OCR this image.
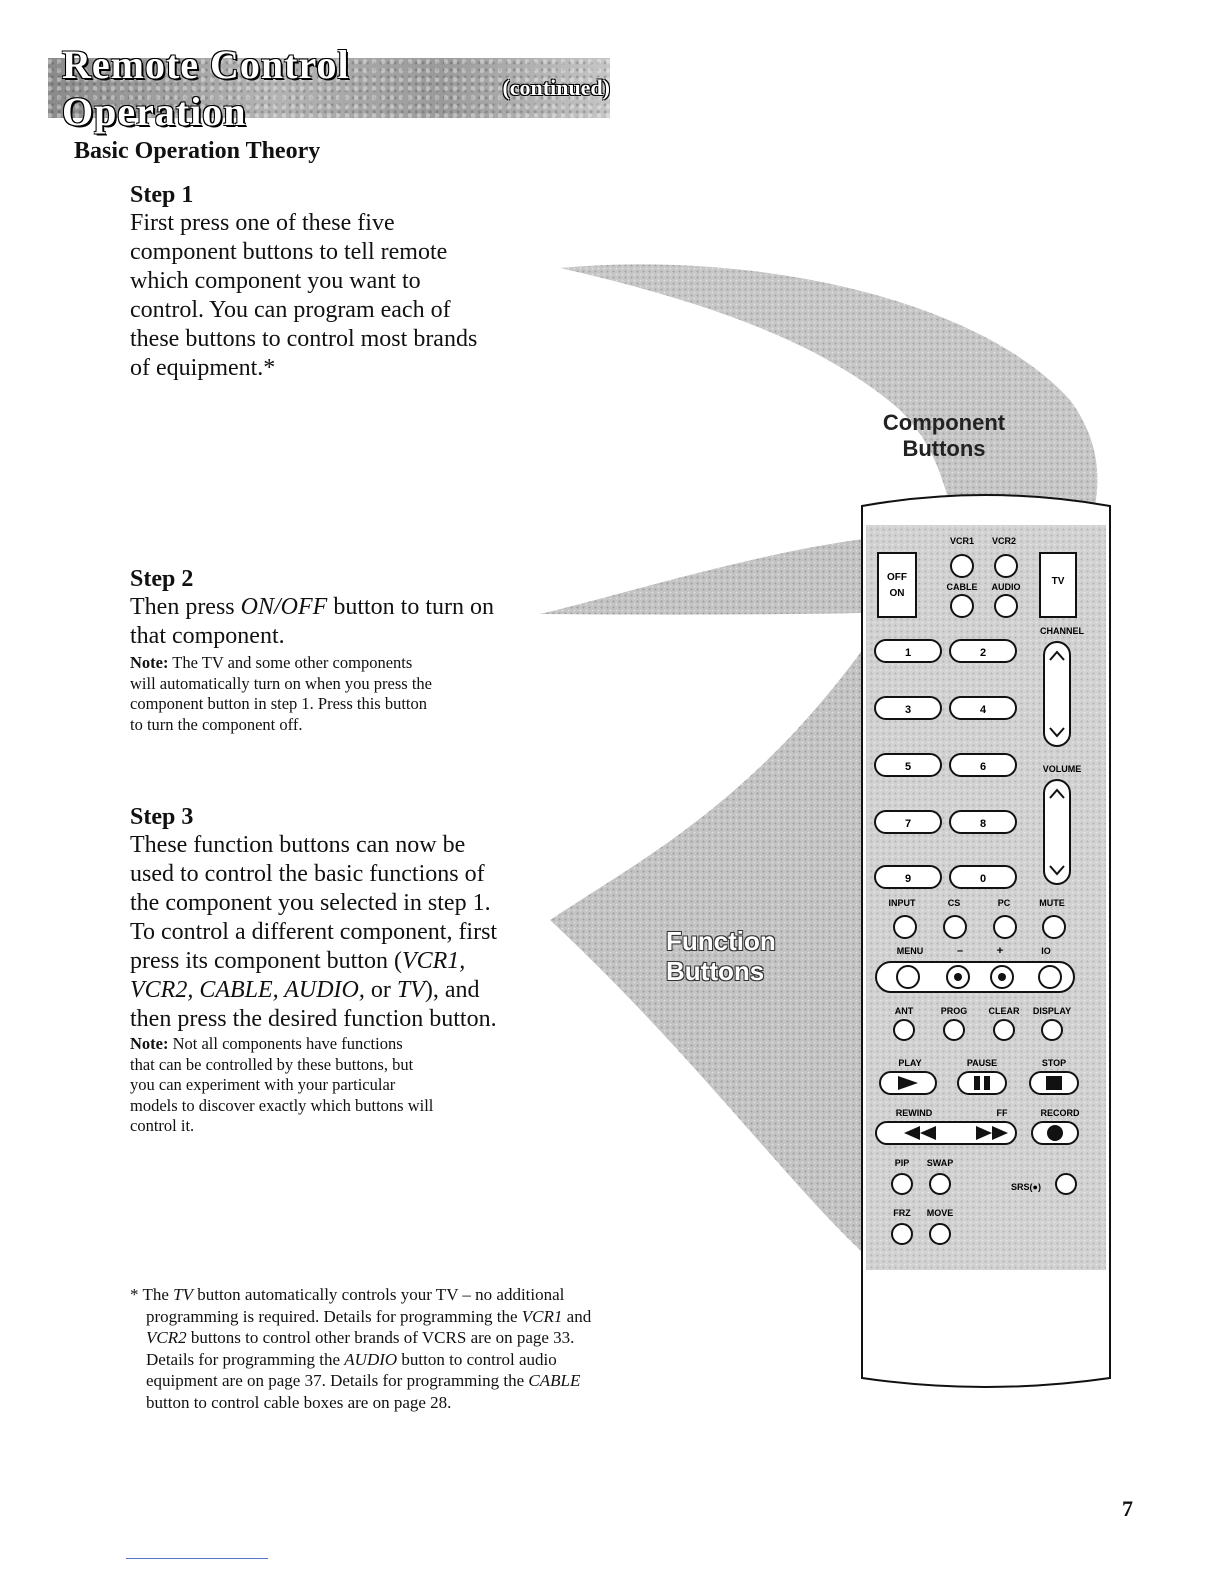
Remote Control Operation
(continued)
Basic Operation Theory
Step 1
First press one of these five
component buttons to tell remote
which component you want to
control. You can program each of
these buttons to control most brands
of equipment.*
Step 2
Then press ON/OFF button to turn on
that component.
Note: The TV and some other components
will automatically turn on when you press the
component button in step 1. Press this button
to turn the component off.
Step 3
These function buttons can now be
used to control the basic functions of
the component you selected in step 1.
To control a different component, first
press its component button (VCR1,
VCR2, CABLE, AUDIO, or TV), and
then press the desired function button.
Note: Not all components have functions
that can be controlled by these buttons, but
you can experiment with your particular
models to discover exactly which buttons will
control it.
OFF
ON
VCR1 VCR2
CABLE AUDIO	TV
1	2
3	4
5	6
7	8
9	0
CHANNEL
VOLUME
INPUT	CS	PC	MUTE
MENU	–	+	IO
ANT	PROG CLEAR DISPLAY
PLAY	PAUSE	STOP
REWIND	FF	RECORD
PIP SWAP
SRS(●)
FRZ MOVE
Component
Buttons
Function
Buttons
* The TV button automatically controls your TV – no additional
programming is required. Details for programming the VCR1 and
VCR2 buttons to control other brands of VCRS are on page 33.
Details for programming the AUDIO button to control audio
equipment are on page 37. Details for programming the CABLE
button to control cable boxes are on page 28.
7
